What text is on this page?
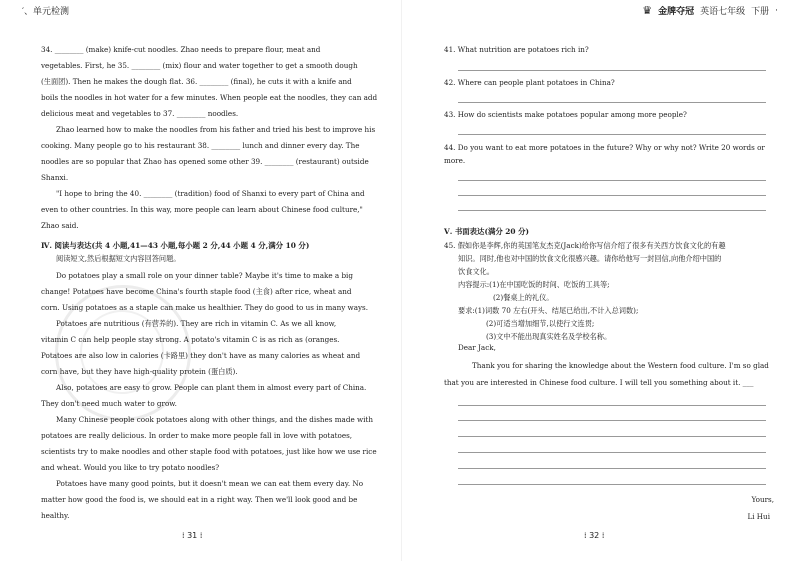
′、单元检测
34. ________ (make) knife-cut noodles. Zhao needs to prepare flour, meat and
vegetables. First, he 35. ________ (mix) flour and water together to get a smooth dough
(生面团). Then he makes the dough flat. 36. ________ (final), he cuts it with a knife and
boils the noodles in hot water for a few minutes. When people eat the noodles, they can add
delicious meat and vegetables to 37. ________ noodles.
Zhao learned how to make the noodles from his father and tried his best to improve his
cooking. Many people go to his restaurant 38. ________ lunch and dinner every day. The
noodles are so popular that Zhao has opened some other 39. ________ (restaurant) outside
Shanxi.
"I hope to bring the 40. ________ (tradition) food of Shanxi to every part of China and
even to other countries. In this way, more people can learn about Chinese food culture,"
Zhao said.
Ⅳ. 阅读与表达(共 4 小题,41—43 小题,每小题 2 分,44 小题 4 分,满分 10 分)
阅读短文,然后根据短文内容回答问题。
Do potatoes play a small role on your dinner table? Maybe it's time to make a big
change! Potatoes have become China's fourth staple food (主食) after rice, wheat and
corn. Using potatoes as a staple can make us healthier. They do good to us in many ways.
Potatoes are nutritious (有营养的). They are rich in vitamin C. As we all know,
vitamin C can help people stay strong. A potato's vitamin C is as rich as (oranges.
Potatoes are also low in calories (卡路里) they don't have as many calories as wheat and
corn have, but they have high-quality protein (蛋白质).
Also, potatoes are easy to grow. People can plant them in almost every part of China.
They don't need much water to grow.
Many Chinese people cook potatoes along with other things, and the dishes made with
potatoes are really delicious. In order to make more people fall in love with potatoes,
scientists try to make noodles and other staple food with potatoes, just like how we use rice
and wheat. Would you like to try potato noodles?
Potatoes have many good points, but it doesn't mean we can eat them every day. No
matter how good the food is, we should eat in a right way. Then we'll look good and be
healthy.
⁞ 31 ⁞
♛ 金牌夺冠 英语七年级 下册 ·
41. What nutrition are potatoes rich in?
42. Where can people plant potatoes in China?
43. How do scientists make potatoes popular among more people?
44. Do you want to eat more potatoes in the future? Why or why not? Write 20 words or
more.
Ⅴ. 书面表达(满分 20 分)
45. 假如你是李辉,你的英国笔友杰克(Jack)给你写信介绍了很多有关西方饮食文化的有趣
知识。同时,他也对中国的饮食文化很感兴趣。请你给他写一封回信,向他介绍中国的
饮食文化。
内容提示:(1)在中国吃饭的时间、吃饭的工具等;
(2)餐桌上的礼仪。
要求:(1)词数 70 左右(开头、结尾已给出,不计入总词数);
(2)可适当增加细节,以使行文连贯;
(3)文中不能出现真实姓名及学校名称。
Dear Jack,
Thank you for sharing the knowledge about the Western food culture. I'm so glad
that you are interested in Chinese food culture. I will tell you something about it. ___
Yours,
Li Hui
⁞ 32 ⁞
